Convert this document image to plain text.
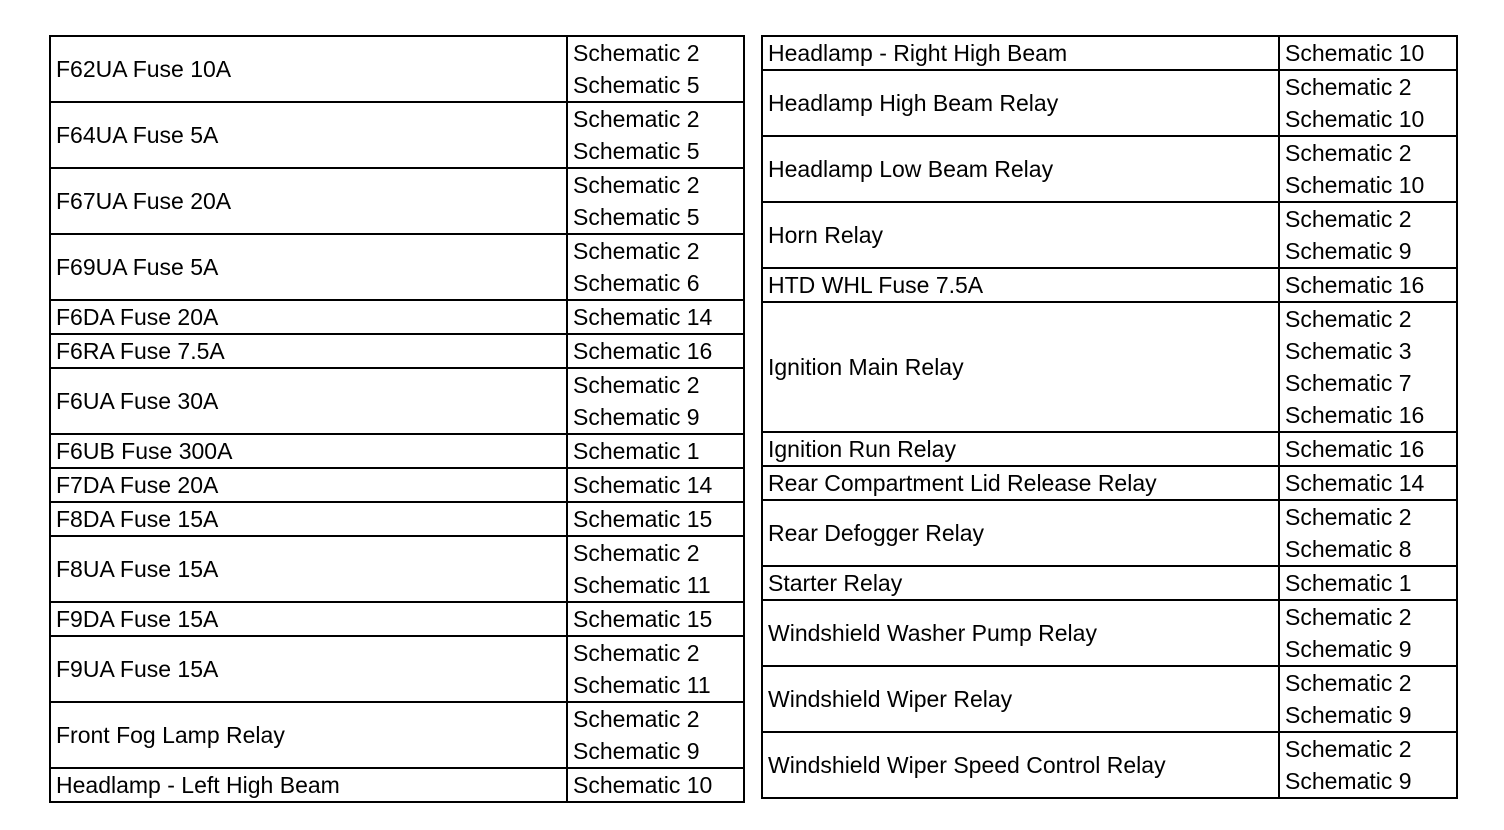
F62UA Fuse 10A	Schematic 2
Schematic 5

F64UA Fuse 5A	Schematic 2
Schematic 5

F67UA Fuse 20A	Schematic 2
Schematic 5

F69UA Fuse 5A	Schematic 2
Schematic 6

F6DA Fuse 20A	Schematic 14

F6RA Fuse 7.5A	Schematic 16

F6UA Fuse 30A	Schematic 2
Schematic 9

F6UB Fuse 300A	Schematic 1

F7DA Fuse 20A	Schematic 14

F8DA Fuse 15A	Schematic 15

F8UA Fuse 15A	Schematic 2
Schematic 11

F9DA Fuse 15A	Schematic 15

F9UA Fuse 15A	Schematic 2
Schematic 11

Front Fog Lamp Relay	Schematic 2
Schematic 9

Headlamp - Left High Beam	Schematic 10
Headlamp - Right High Beam	Schematic 10

Headlamp High Beam Relay	Schematic 2
Schematic 10

Headlamp Low Beam Relay	Schematic 2
Schematic 10

Horn Relay	Schematic 2
Schematic 9

HTD WHL Fuse 7.5A	Schematic 16

Ignition Main Relay	Schematic 2
Schematic 3
Schematic 7
Schematic 16

Ignition Run Relay	Schematic 16

Rear Compartment Lid Release Relay	Schematic 14

Rear Defogger Relay	Schematic 2
Schematic 8

Starter Relay	Schematic 1

Windshield Washer Pump Relay	Schematic 2
Schematic 9

Windshield Wiper Relay	Schematic 2
Schematic 9

Windshield Wiper Speed Control Relay	Schematic 2
Schematic 9
